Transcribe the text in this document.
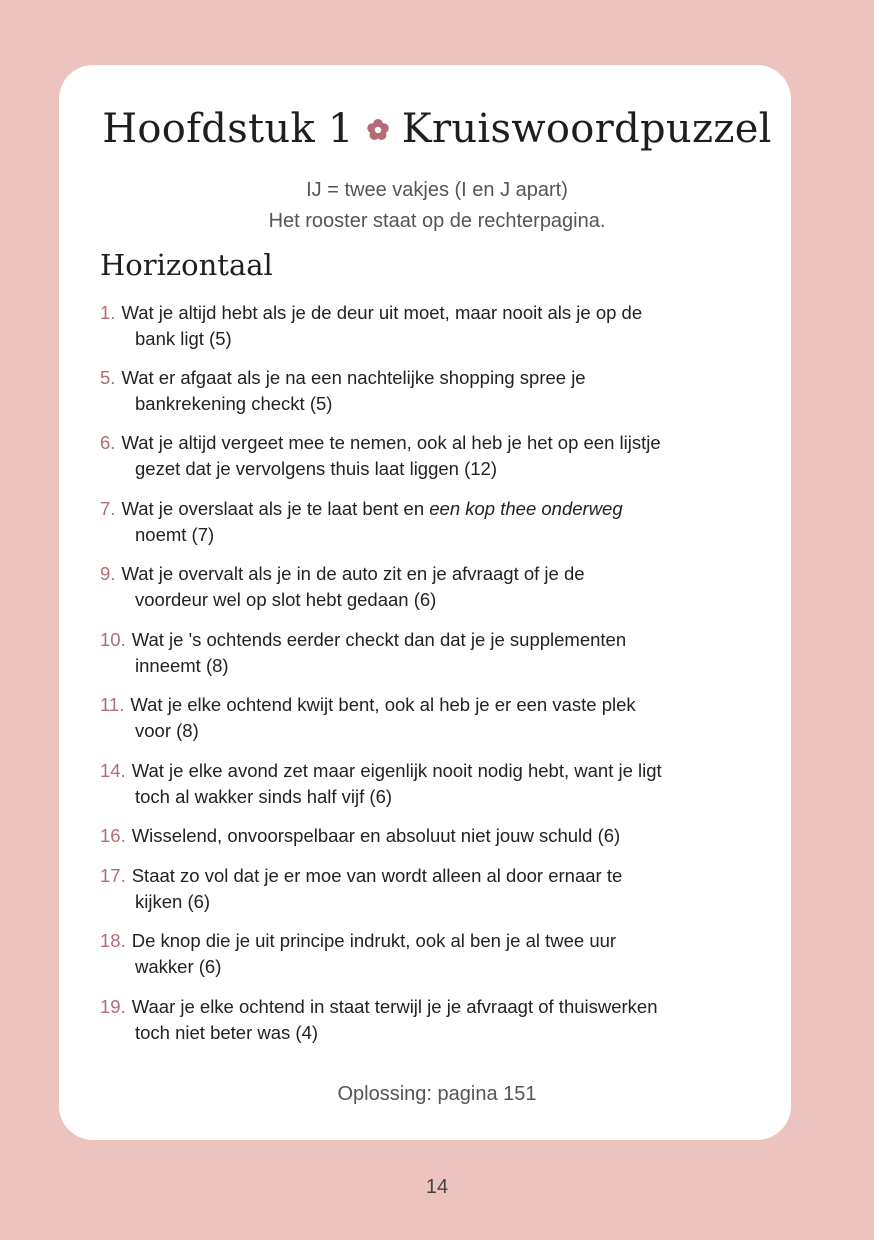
Hoofdstuk 1 Kruiswoordpuzzel
IJ = twee vakjes (I en J apart)
Het rooster staat op de rechterpagina.
Horizontaal
1. Wat je altijd hebt als je de deur uit moet, maar nooit als je op de
bank ligt (5)
5. Wat er afgaat als je na een nachtelijke shopping spree je
bankrekening checkt (5)
6. Wat je altijd vergeet mee te nemen, ook al heb je het op een lijstje
gezet dat je vervolgens thuis laat liggen (12)
7. Wat je overslaat als je te laat bent en een kop thee onderweg
noemt (7)
9. Wat je overvalt als je in de auto zit en je afvraagt of je de
voordeur wel op slot hebt gedaan (6)
10. Wat je 's ochtends eerder checkt dan dat je je supplementen
inneemt (8)
11. Wat je elke ochtend kwijt bent, ook al heb je er een vaste plek
voor (8)
14. Wat je elke avond zet maar eigenlijk nooit nodig hebt, want je ligt
toch al wakker sinds half vijf (6)
16. Wisselend, onvoorspelbaar en absoluut niet jouw schuld (6)
17. Staat zo vol dat je er moe van wordt alleen al door ernaar te
kijken (6)
18. De knop die je uit principe indrukt, ook al ben je al twee uur
wakker (6)
19. Waar je elke ochtend in staat terwijl je je afvraagt of thuiswerken
toch niet beter was (4)
Oplossing: pagina 151
14
